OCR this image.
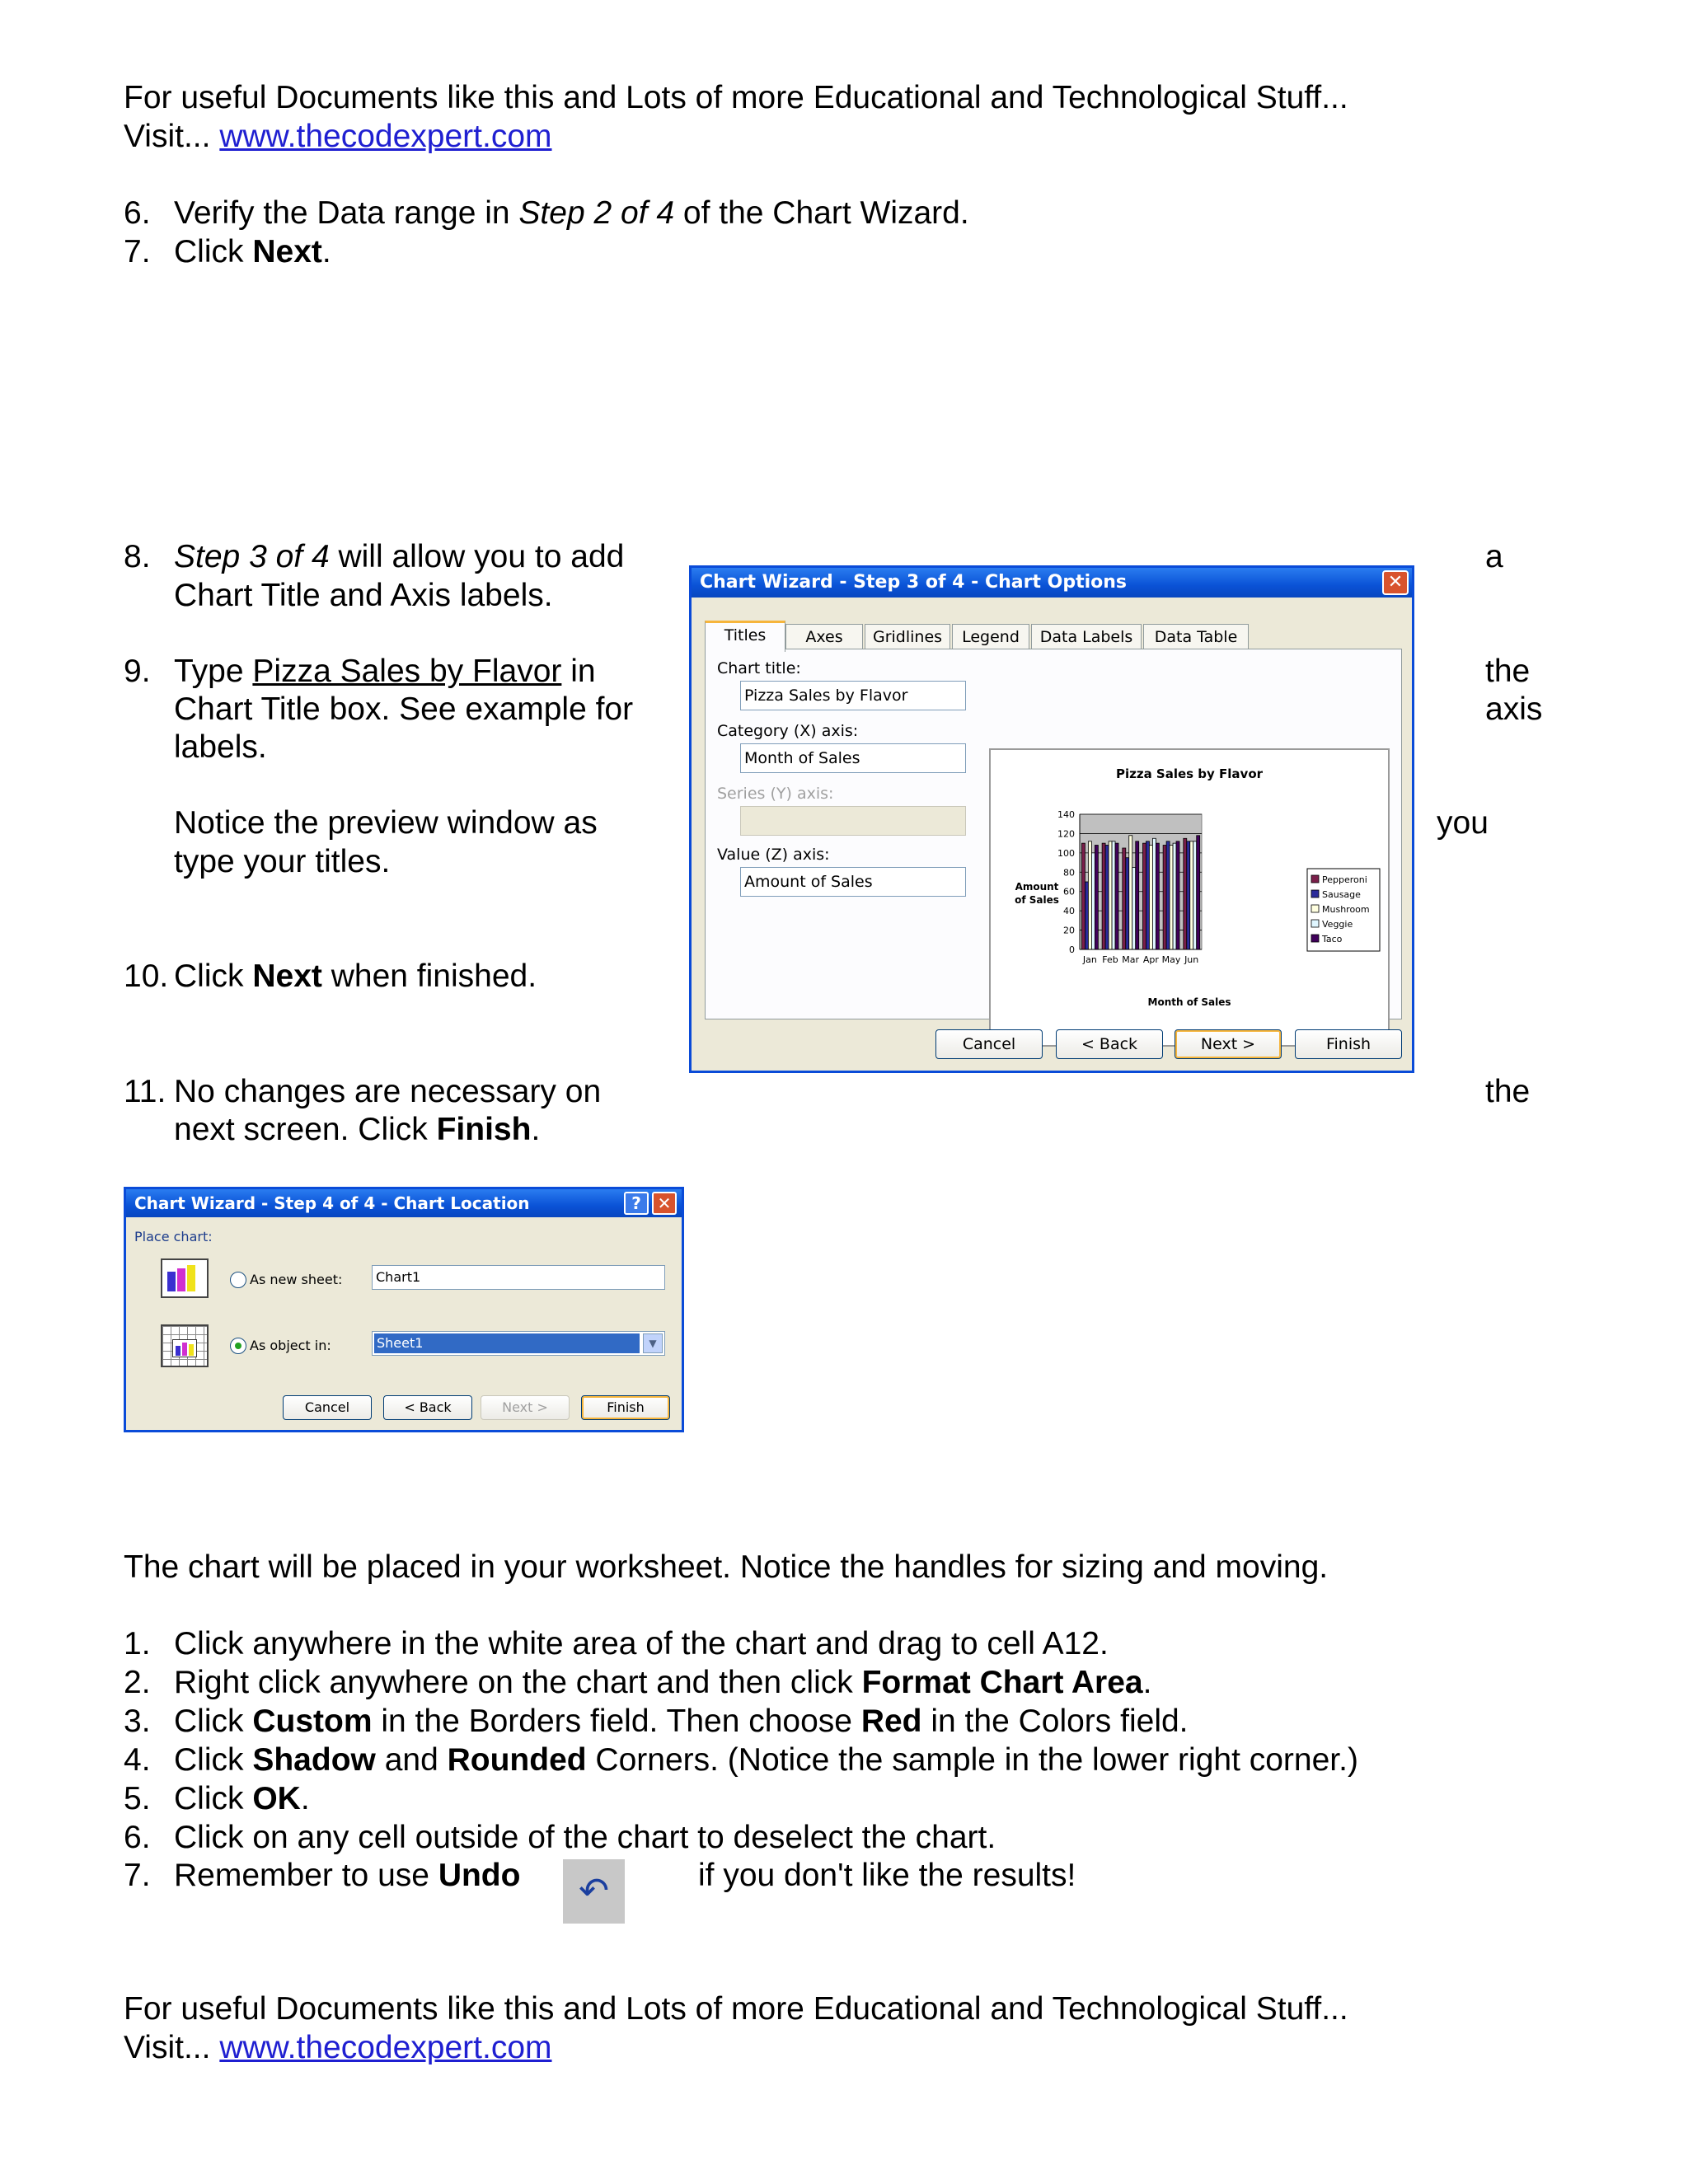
For useful Documents like this and Lots of more Educational and Technological Stuff...
Visit... www.thecodexpert.com
6. Verify the Data range in Step 2 of 4 of the Chart Wizard.
7. Click Next.
8. Step 3 of 4 will allow you to add	a
Chart Title and Axis labels.
9. Type Pizza Sales by Flavor in	the
Chart Title box. See example for	axis
labels.
Notice the preview window as	you
type your titles.
10. Click Next when finished.
11. No changes are necessary on	the
next screen. Click Finish.
Chart Wizard - Step 3 of 4 - Chart Options	✕
Titles	Axes	Gridlines	Legend	Data Labels	Data Table
Chart title:
Pizza Sales by Flavor
Category (X) axis:
Month of Sales
Series (Y) axis:
Value (Z) axis:
Amount of Sales
Pizza Sales by Flavor
0
20
40
60
80
100
120
140
Jan Feb Mar Apr May Jun
Month of Sales
Amount
of Sales
Pepperoni
Sausage
Mushroom
Veggie
Taco
Cancel	< Back	Next >	Finish
Chart Wizard - Step 4 of 4 - Chart Location	? ✕
Place chart:
As new sheet:	Chart1
As object in:	Sheet1	▼
Cancel	< Back	Next >	Finish
The chart will be placed in your worksheet. Notice the handles for sizing and moving.
1. Click anywhere in the white area of the chart and drag to cell A12.
2. Right click anywhere on the chart and then click Format Chart Area.
3. Click Custom in the Borders field. Then choose Red in the Colors field.
4. Click Shadow and Rounded Corners. (Notice the sample in the lower right corner.)
5. Click OK.
6. Click on any cell outside of the chart to deselect the chart.
7. Remember to use Undo	↶	if you don't like the results!
For useful Documents like this and Lots of more Educational and Technological Stuff...
Visit... www.thecodexpert.com
